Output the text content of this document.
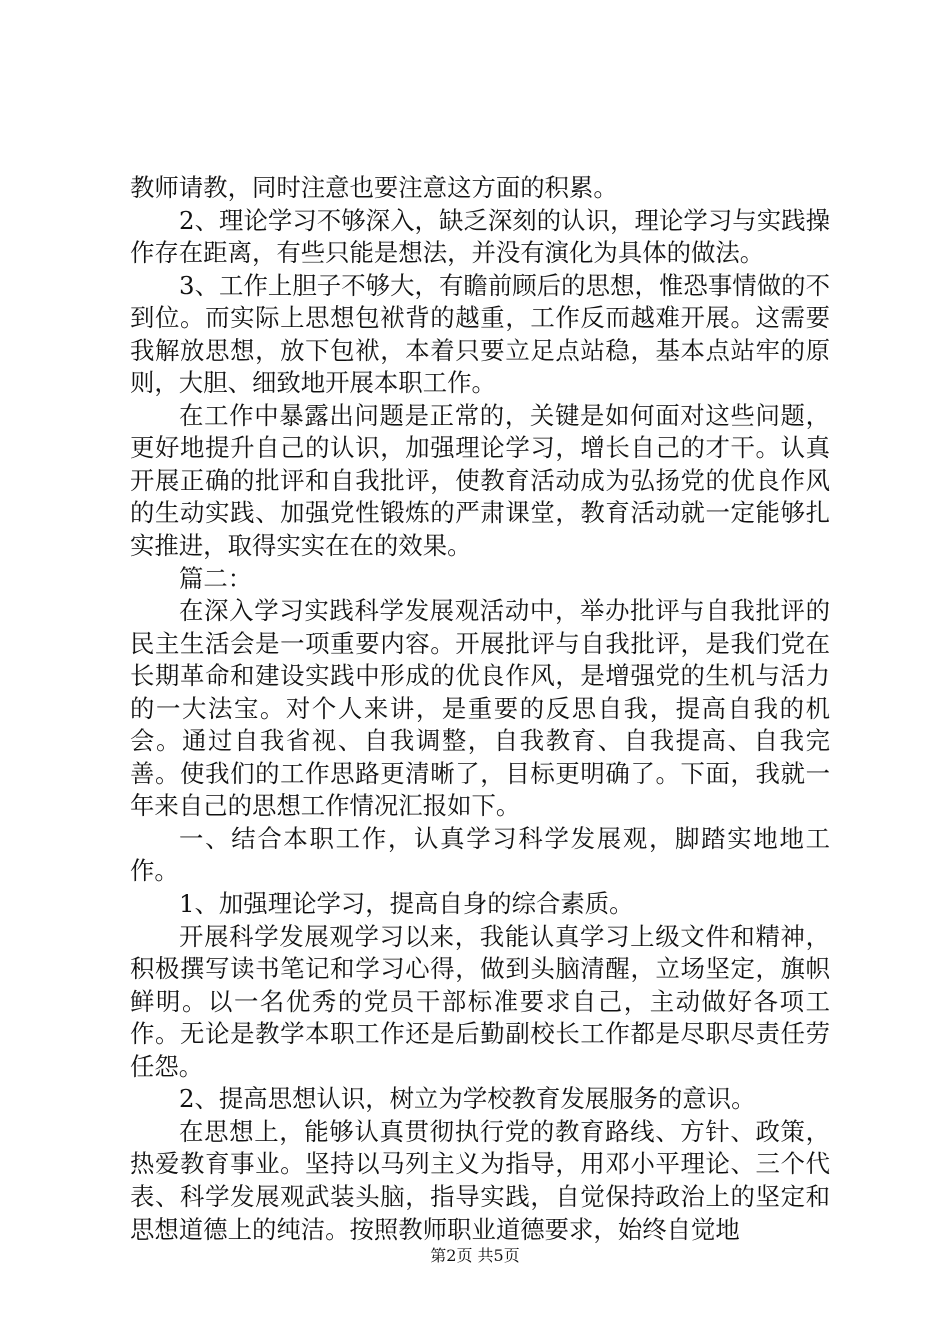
教师请教，同时注意也要注意这方面的积累。

2、理论学习不够深入，缺乏深刻的认识，理论学习与实践操作存在距离，有些只能是想法，并没有演化为具体的做法。

3、工作上胆子不够大，有瞻前顾后的思想，惟恐事情做的不到位。而实际上思想包袱背的越重，工作反而越难开展。这需要我解放思想，放下包袱，本着只要立足点站稳，基本点站牢的原则，大胆、细致地开展本职工作。

在工作中暴露出问题是正常的，关键是如何面对这些问题，更好地提升自己的认识，加强理论学习，增长自己的才干。认真开展正确的批评和自我批评，使教育活动成为弘扬党的优良作风的生动实践、加强党性锻炼的严肃课堂，教育活动就一定能够扎实推进，取得实实在在的效果。

篇二：

在深入学习实践科学发展观活动中，举办批评与自我批评的民主生活会是一项重要内容。开展批评与自我批评，是我们党在长期革命和建设实践中形成的优良作风，是增强党的生机与活力的一大法宝。对个人来讲，是重要的反思自我，提高自我的机会。通过自我省视、自我调整，自我教育、自我提高、自我完善。使我们的工作思路更清晰了，目标更明确了。下面，我就一年来自己的思想工作情况汇报如下。

一、结合本职工作，认真学习科学发展观，脚踏实地地工作。

1、加强理论学习，提高自身的综合素质。

开展科学发展观学习以来，我能认真学习上级文件和精神，积极撰写读书笔记和学习心得，做到头脑清醒，立场坚定，旗帜鲜明。以一名优秀的党员干部标准要求自己，主动做好各项工作。无论是教学本职工作还是后勤副校长工作都是尽职尽责任劳任怨。

2、提高思想认识，树立为学校教育发展服务的意识。

在思想上，能够认真贯彻执行党的教育路线、方针、政策，热爱教育事业。坚持以马列主义为指导，用邓小平理论、三个代表、科学发展观武装头脑，指导实践，自觉保持政治上的坚定和思想道德上的纯洁。按照教师职业道德要求，始终自觉地

第2页 共5页
